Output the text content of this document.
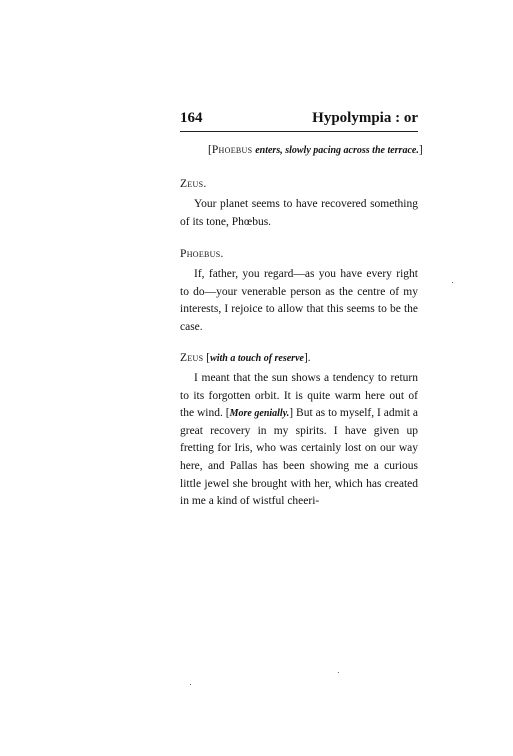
164	Hypolympia : or
[Phoebus enters, slowly pacing across the terrace.]
Zeus.

Your planet seems to have recovered something of its tone, Phœbus.

Phoebus.

If, father, you regard—as you have every right to do—your venerable person as the centre of my interests, I rejoice to allow that this seems to be the case.

Zeus [with a touch of reserve].

I meant that the sun shows a tendency to return to its forgotten orbit. It is quite warm here out of the wind. [More genially.] But as to myself, I admit a great recovery in my spirits. I have given up fretting for Iris, who was certainly lost on our way here, and Pallas has been showing me a curious little jewel she brought with her, which has created in me a kind of wistful cheeri-
